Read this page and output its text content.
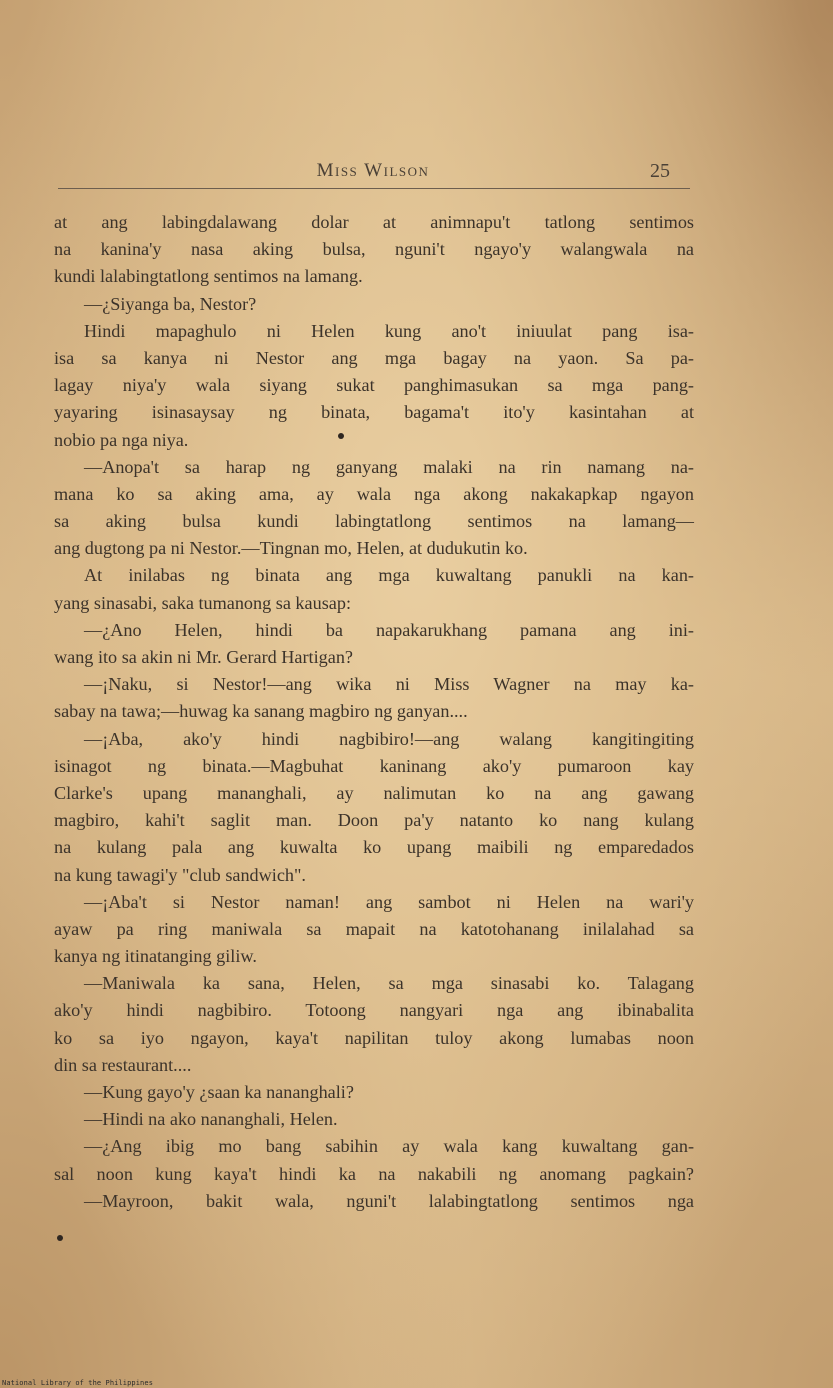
Miss Wilson	25
at ang labingdalawang dolar at animnapu't tatlong sentimos
na kanina'y nasa aking bulsa, nguni't ngayo'y walangwala na
kundi lalabingtatlong sentimos na lamang.
—¿Siyanga ba, Nestor?
Hindi mapaghulo ni Helen kung ano't iniuulat pang isa-
isa sa kanya ni Nestor ang mga bagay na yaon. Sa pa-
lagay niya'y wala siyang sukat panghimasukan sa mga pang-
yayaring isinasaysay ng binata, bagama't ito'y kasintahan at
nobio pa nga niya.
—Anopa't sa harap ng ganyang malaki na rin namang na-
mana ko sa aking ama, ay wala nga akong nakakapkap ngayon
sa aking bulsa kundi labingtatlong sentimos na lamang—
ang dugtong pa ni Nestor.—Tingnan mo, Helen, at dudukutin ko.
At inilabas ng binata ang mga kuwaltang panukli na kan-
yang sinasabi, saka tumanong sa kausap:
—¿Ano Helen, hindi ba napakarukhang pamana ang ini-
wang ito sa akin ni Mr. Gerard Hartigan?
—¡Naku, si Nestor!—ang wika ni Miss Wagner na may ka-
sabay na tawa;—huwag ka sanang magbiro ng ganyan....
—¡Aba, ako'y hindi nagbibiro!—ang walang kangitingiting
isinagot ng binata.—Magbuhat kaninang ako'y pumaroon kay
Clarke's upang mananghali, ay nalimutan ko na ang gawang
magbiro, kahi't saglit man. Doon pa'y natanto ko nang kulang
na kulang pala ang kuwalta ko upang maibili ng emparedados
na kung tawagi'y "club sandwich".
—¡Aba't si Nestor naman! ang sambot ni Helen na wari'y
ayaw pa ring maniwala sa mapait na katotohanang inilalahad sa
kanya ng itinatanging giliw.
—Maniwala ka sana, Helen, sa mga sinasabi ko. Talagang
ako'y hindi nagbibiro. Totoong nangyari nga ang ibinabalita
ko sa iyo ngayon, kaya't napilitan tuloy akong lumabas noon
din sa restaurant....
—Kung gayo'y ¿saan ka nananghali?
—Hindi na ako nananghali, Helen.
—¿Ang ibig mo bang sabihin ay wala kang kuwaltang gan-
sal noon kung kaya't hindi ka na nakabili ng anomang pagkain?
—Mayroon, bakit wala, nguni't lalabingtatlong sentimos nga
National Library of the Philippines
